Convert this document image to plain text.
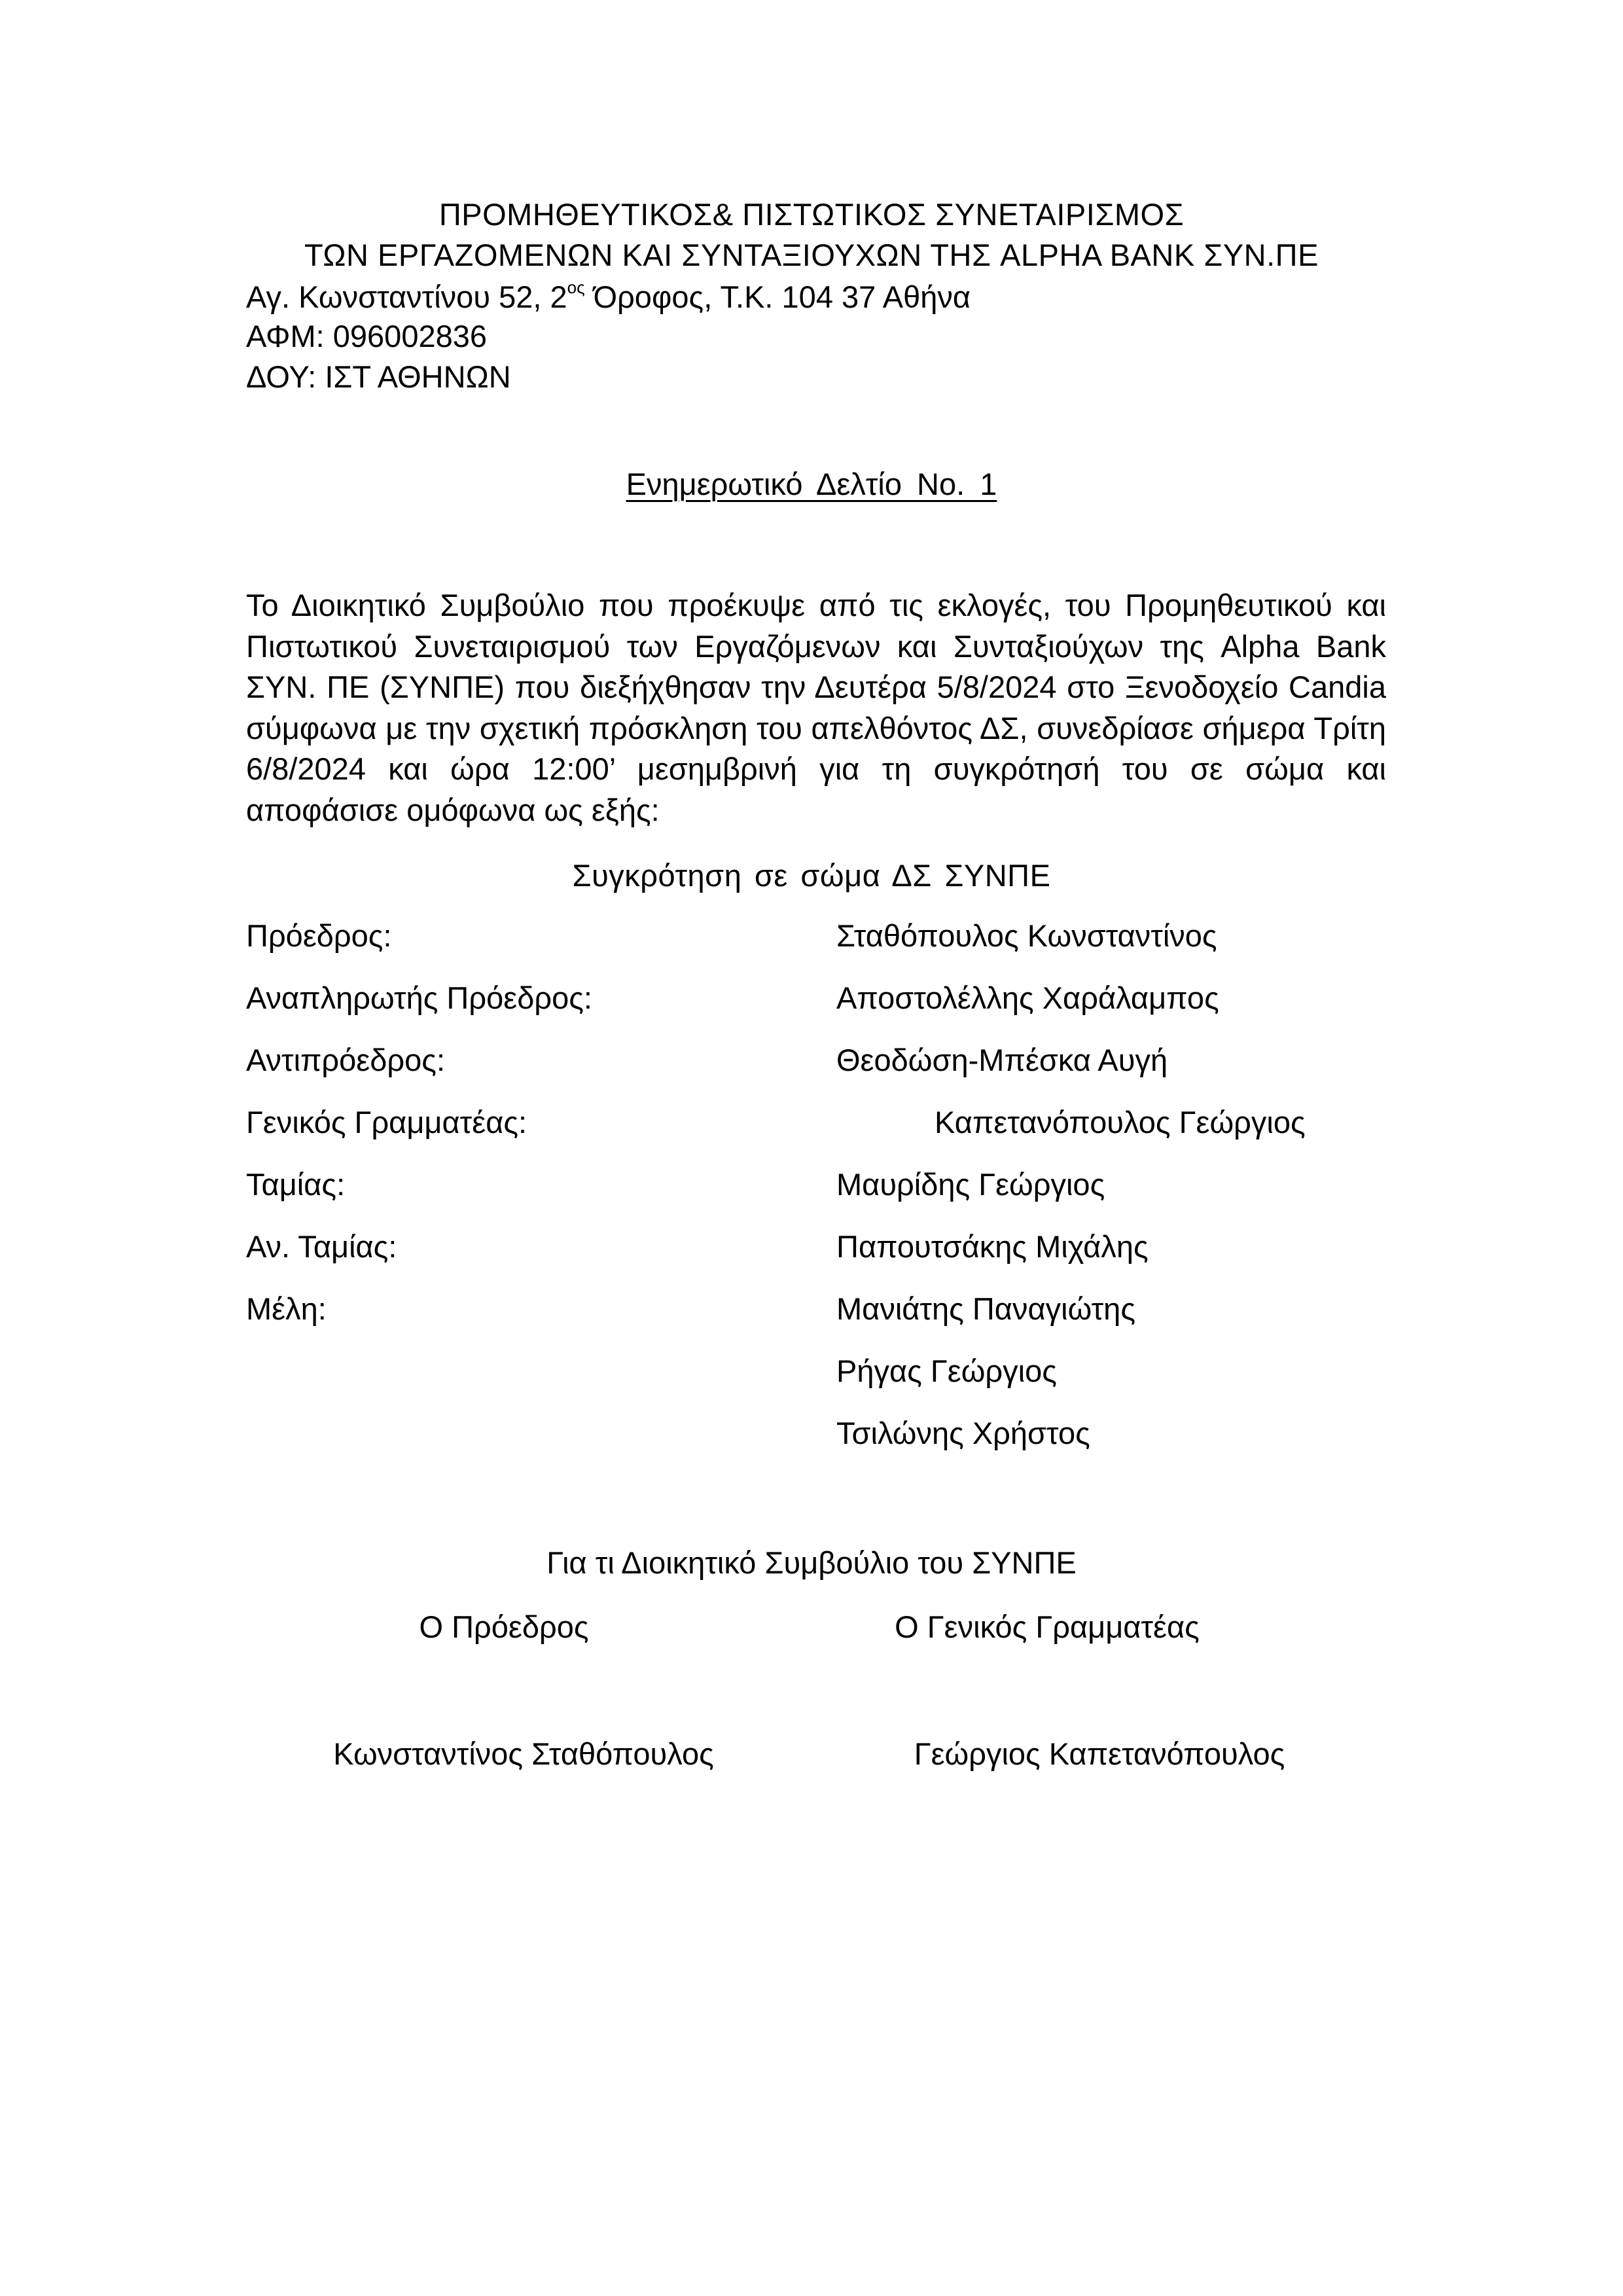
ΠΡΟΜΗΘΕΥΤΙΚΟΣ& ΠΙΣΤΩΤΙΚΟΣ ΣΥΝΕΤΑΙΡΙΣΜΟΣ
ΤΩΝ ΕΡΓΑΖΟΜΕΝΩΝ ΚΑΙ ΣΥΝΤΑΞΙΟΥΧΩΝ ΤΗΣ ALPHA BANK ΣΥΝ.ΠΕ
Αγ. Κωνσταντίνου 52, $2^{o\varsigma}$ Όροφος, Τ.Κ. 104 37 Αθήνα
ΑΦΜ: 096002836
ΔΟΥ: ΙΣΤ ΑΘΗΝΩΝ
Ενημερωτικό Δελτίο Νο. 1
Το Διοικητικό Συμβούλιο που προέκυψε από τις εκλογές, του Προμηθευτικού και Πιστωτικού Συνεταιρισμού των Εργαζόμενων και Συνταξιούχων της Alpha Bank ΣΥΝ. ΠΕ (ΣΥΝΠΕ) που διεξήχθησαν την Δευτέρα 5/8/2024 στο Ξενοδοχείο Candia σύμφωνα με την σχετική πρόσκληση του απελθόντος ΔΣ, συνεδρίασε σήμερα Τρίτη 6/8/2024 και ώρα 12:00’ μεσημβρινή για τη συγκρότησή του σε σώμα και αποφάσισε ομόφωνα ως εξής:
Συγκρότηση σε σώμα ΔΣ ΣΥΝΠΕ
Πρόεδρος:	Σταθόπουλος Κωνσταντίνος
Αναπληρωτής Πρόεδρος:	Αποστολέλλης Χαράλαμπος
Αντιπρόεδρος:	Θεοδώση-Μπέσκα Αυγή
Γενικός Γραμματέας:	Καπετανόπουλος Γεώργιος
Ταμίας:	Μαυρίδης Γεώργιος
Αν. Ταμίας:	Παπουτσάκης Μιχάλης
Μέλη:	Μανιάτης Παναγιώτης
Ρήγας Γεώργιος
Τσιλώνης Χρήστος
Για τι Διοικητικό Συμβούλιο του ΣΥΝΠΕ
Ο Πρόεδρος	Ο Γενικός Γραμματέας
Κωνσταντίνος Σταθόπουλος	Γεώργιος Καπετανόπουλος
